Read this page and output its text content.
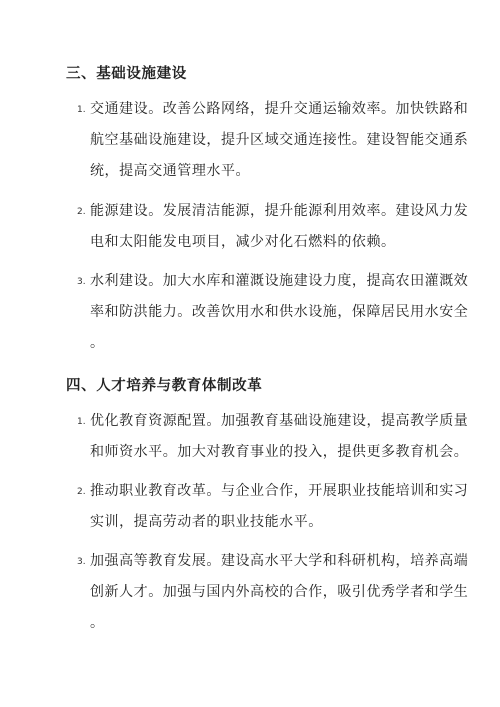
三、基础设施建设
1. 交通建设。改善公路网络，提升交通运输效率。加快铁路和
航空基础设施建设，提升区域交通连接性。建设智能交通系
统，提高交通管理水平。
2. 能源建设。发展清洁能源，提升能源利用效率。建设风力发
电和太阳能发电项目，减少对化石燃料的依赖。
3. 水利建设。加大水库和灌溉设施建设力度，提高农田灌溉效
率和防洪能力。改善饮用水和供水设施，保障居民用水安全
。
四、人才培养与教育体制改革
1. 优化教育资源配置。加强教育基础设施建设，提高教学质量
和师资水平。加大对教育事业的投入，提供更多教育机会。
2. 推动职业教育改革。与企业合作，开展职业技能培训和实习
实训，提高劳动者的职业技能水平。
3. 加强高等教育发展。建设高水平大学和科研机构，培养高端
创新人才。加强与国内外高校的合作，吸引优秀学者和学生
。
